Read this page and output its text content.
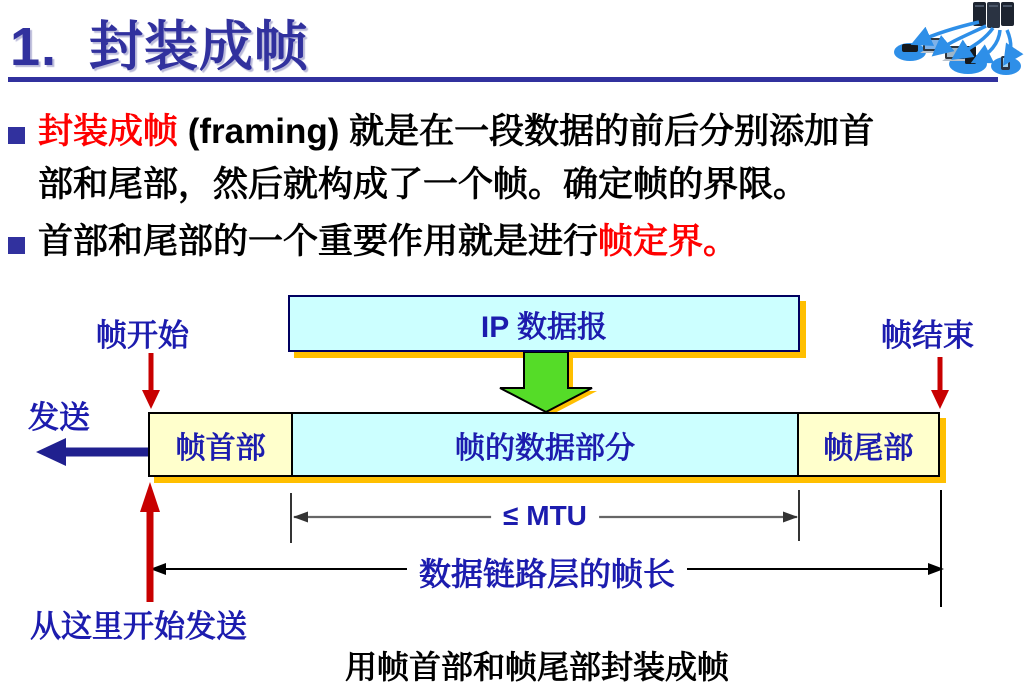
1.  封装成帧
封装成帧 (framing) 就是在一段数据的前后分别添加首
部和尾部，然后就构成了一个帧。确定帧的界限。
首部和尾部的一个重要作用就是进行帧定界。
IP 数据报
帧开始	帧结束
发送
帧首部	帧的数据部分	帧尾部
≤ MTU
数据链路层的帧长
从这里开始发送
用帧首部和帧尾部封装成帧
